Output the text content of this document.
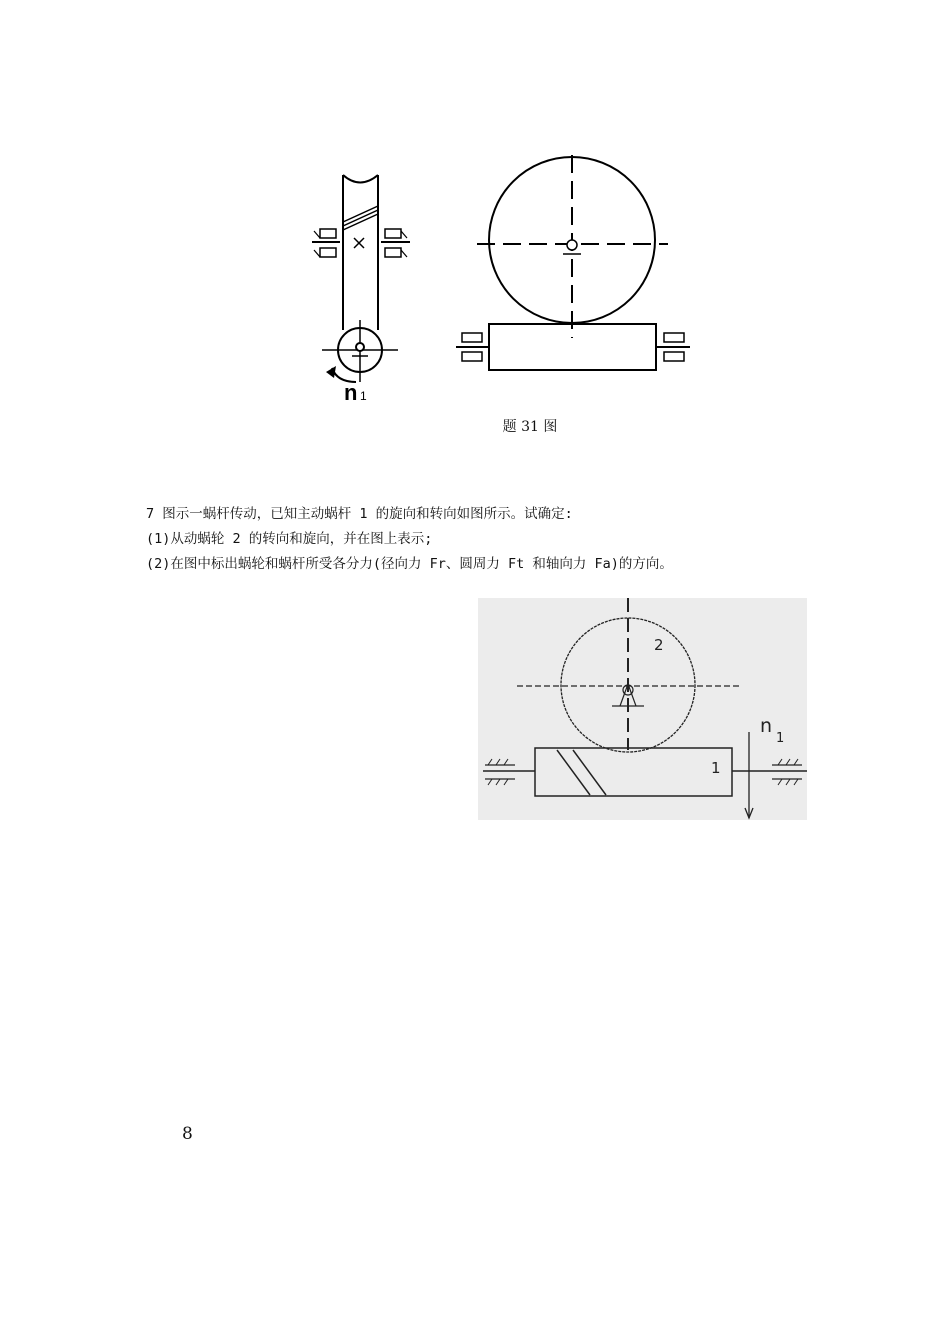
n 1
题 31 图
7 图示一蜗杆传动，已知主动蜗杆 1 的旋向和转向如图所示。试确定:
(1)从动蜗轮 2 的转向和旋向，并在图上表示;
(2)在图中标出蜗轮和蜗杆所受各分力(径向力 Fr、圆周力 Ft 和轴向力 Fa)的方向。
2
1
n
1
8
